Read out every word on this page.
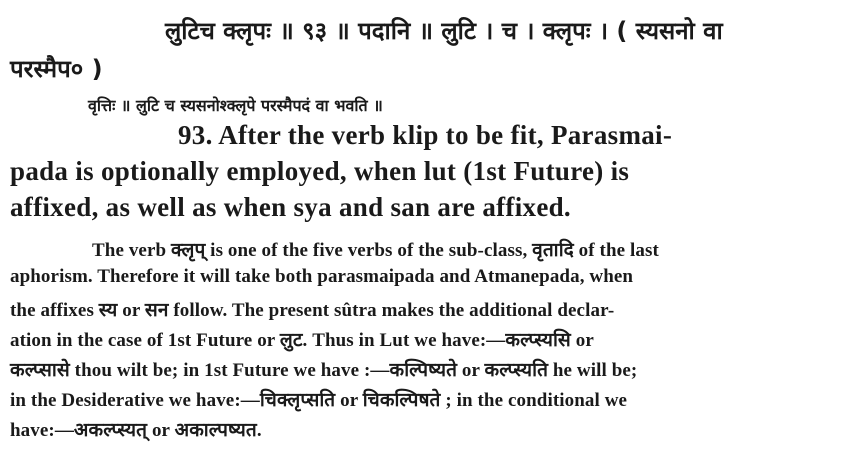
लुटिच क्लृपः ॥ ९३ ॥ पदानि ॥ लुटि । च । क्लृपः । ( स्यसनो वा

परस्मैप० )

वृत्तिः ॥ लुटि च स्यसनोश्क्लृपे परस्मैपदं वा भवति ॥

93. After the verb klip to be fit, Parasmai-

pada is optionally employed, when lut (1st Future) is

affixed, as well as when sya and san are affixed.

The verb क्लृप् is one of the five verbs of the sub-class, वृतादि of the last

aphorism. Therefore it will take both parasmaipada and Atmanepada, when

the affixes स्य or सन follow. The present sûtra makes the additional declar-

ation in the case of 1st Future or लुट. Thus in Lut we have:—कल्प्स्यसि or

कल्प्सासे thou wilt be; in 1st Future we have :—कल्पिष्यते or कल्प्स्यति he will be;

in the Desiderative we have:—चिक्लृप्सति or चिकल्पिषते ; in the conditional we

have:—अकल्प्स्यत् or अकाल्पष्यत.
